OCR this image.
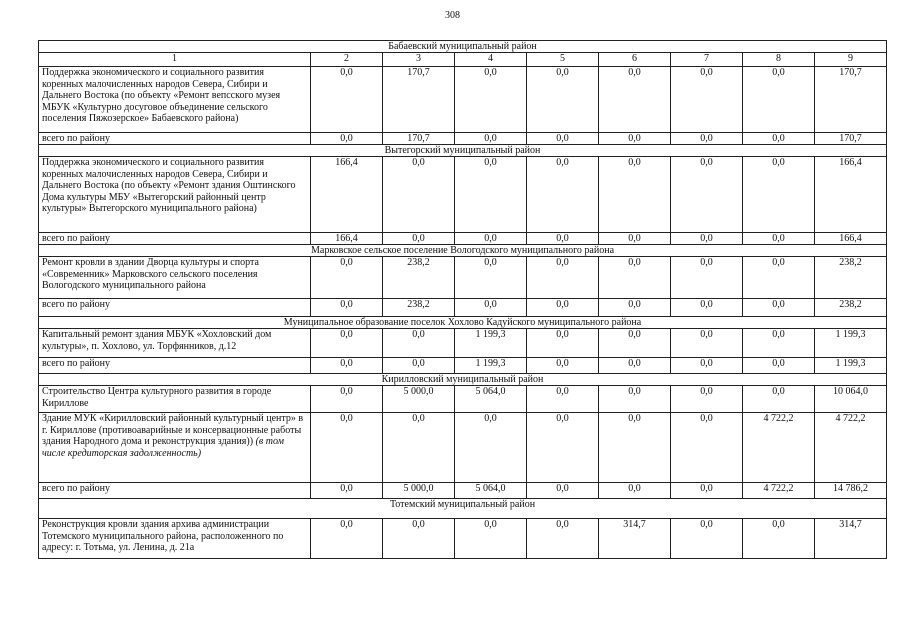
308
Бабаевский муниципальный район								
1	2	3	4	5	6	7	8	9
Поддержка экономического и социального развития коренных малочисленных народов Севера, Сибири и Дальнего Востока (по объекту «Ремонт вепсского музея МБУК «Культурно досуговое объединение сельского поселения Пяжозерское» Бабаевского района)	0,0	170,7	0,0	0,0	0,0	0,0	0,0	170,7
всего по району	0,0	170,7	0,0	0,0	0,0	0,0	0,0	170,7
Вытегорский муниципальный район								
Поддержка экономического и социального развития коренных малочисленных народов Севера, Сибири и Дальнего Востока (по объекту «Ремонт здания Оштинского Дома культуры МБУ «Вытегорский районный центр культуры» Вытегорского муниципального района)	166,4	0,0	0,0	0,0	0,0	0,0	0,0	166,4
всего по району	166,4	0,0	0,0	0,0	0,0	0,0	0,0	166,4
Марковское сельское поселение Вологодского муниципального района								
Ремонт кровли в здании Дворца культуры и спорта «Современник» Марковского сельского поселения Вологодского муниципального района	0,0	238,2	0,0	0,0	0,0	0,0	0,0	238,2
всего по району	0,0	238,2	0,0	0,0	0,0	0,0	0,0	238,2
Муниципальное образование поселок Хохлово Кадуйского муниципального района								
Капитальный ремонт здания МБУК «Хохловский дом культуры», п. Хохлово, ул. Торфянников, д.12	0,0	0,0	1 199,3	0,0	0,0	0,0	0,0	1 199,3
всего по району	0,0	0,0	1 199,3	0,0	0,0	0,0	0,0	1 199,3
Кирилловский муниципальный район								
Строительство Центра культурного развития в городе Кириллове	0,0	5 000,0	5 064,0	0,0	0,0	0,0	0,0	10 064,0
Здание МУК «Кирилловский районный культурный центр» в г. Кириллове (противоаварийные и консервационные работы здания Народного дома и реконструкция здания)) (в том числе кредиторская задолженность)	0,0	0,0	0,0	0,0	0,0	0,0	4 722,2	4 722,2
всего по району	0,0	5 000,0	5 064,0	0,0	0,0	0,0	4 722,2	14 786,2
Тотемский муниципальный район								
Реконструкция кровли здания архива администрации Тотемского муниципального района, расположенного по адресу: г. Тотьма, ул. Ленина, д. 21а	0,0	0,0	0,0	0,0	314,7	0,0	0,0	314,7
